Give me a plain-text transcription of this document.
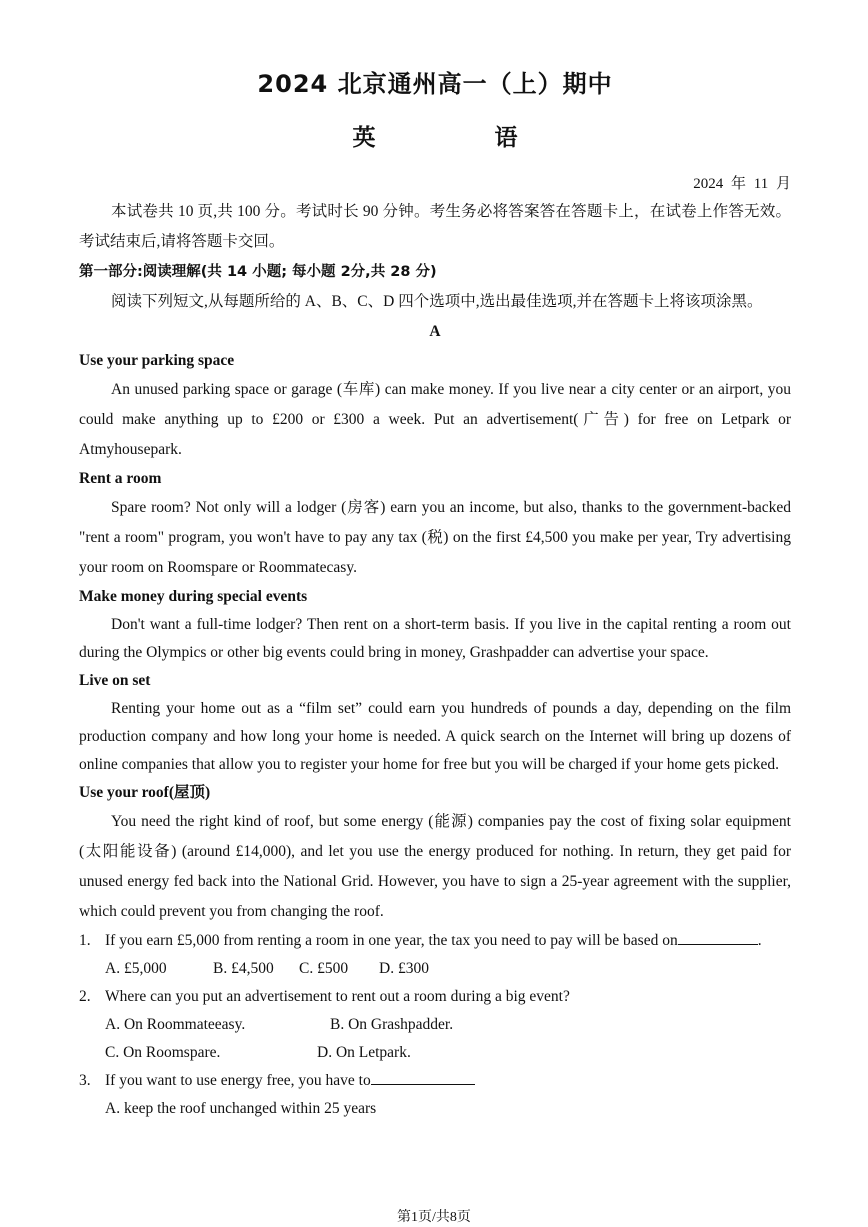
2024 北京通州高一（上）期中
英　语
2024 年 11 月

本试卷共 10 页,共 100 分。考试时长 90 分钟。考生务必将答案答在答题卡上，在试卷上作答无效。考试结束后,请将答题卡交回。

第一部分:阅读理解(共 14 小题; 每小题 2分,共 28 分)

阅读下列短文,从每题所给的 A、B、C、D 四个选项中,选出最佳选项,并在答题卡上将该项涂黑。

A
Use your parking space

An unused parking space or garage (车库) can make money. If you live near a city center or an airport, you could make anything up to £200 or £300 a week. Put an advertisement(广告) for free on Letpark or Atmyhousepark.

Rent a room

Spare room? Not only will a lodger (房客) earn you an income, but also, thanks to the government-backed "rent a room" program, you won't have to pay any tax (税) on the first £4,500 you make per year, Try advertising your room on Roomspare or Roommatecasy.

Make money during special events

Don't want a full-time lodger? Then rent on a short-term basis. If you live in the capital renting a room out during the Olympics or other big events could bring in money, Grashpadder can advertise your space.

Live on set

Renting your home out as a “film set” could earn you hundreds of pounds a day, depending on the film production company and how long your home is needed. A quick search on the Internet will bring up dozens of online companies that allow you to register your home for free but you will be charged if your home gets picked.

Use your roof(屋顶)

You need the right kind of roof, but some energy (能源) companies pay the cost of fixing solar equipment (太阳能设备) (around £14,000), and let you use the energy produced for nothing. In return, they get paid for unused energy fed back into the National Grid. However, you have to sign a 25-year agreement with the supplier, which could prevent you from changing the roof.

1. If you earn £5,000 from renting a room in one year, the tax you need to pay will be based on	.
A. £5,000	B. £4,500 C. £500 D. £300
2. Where can you put an advertisement to rent out a room during a big event?
A. On Roommateeasy.	B. On Grashpadder.
C. On Roomspare.	D. On Letpark.
3. If you want to use energy free, you have to
A. keep the roof unchanged within 25 years
第1页/共8页
